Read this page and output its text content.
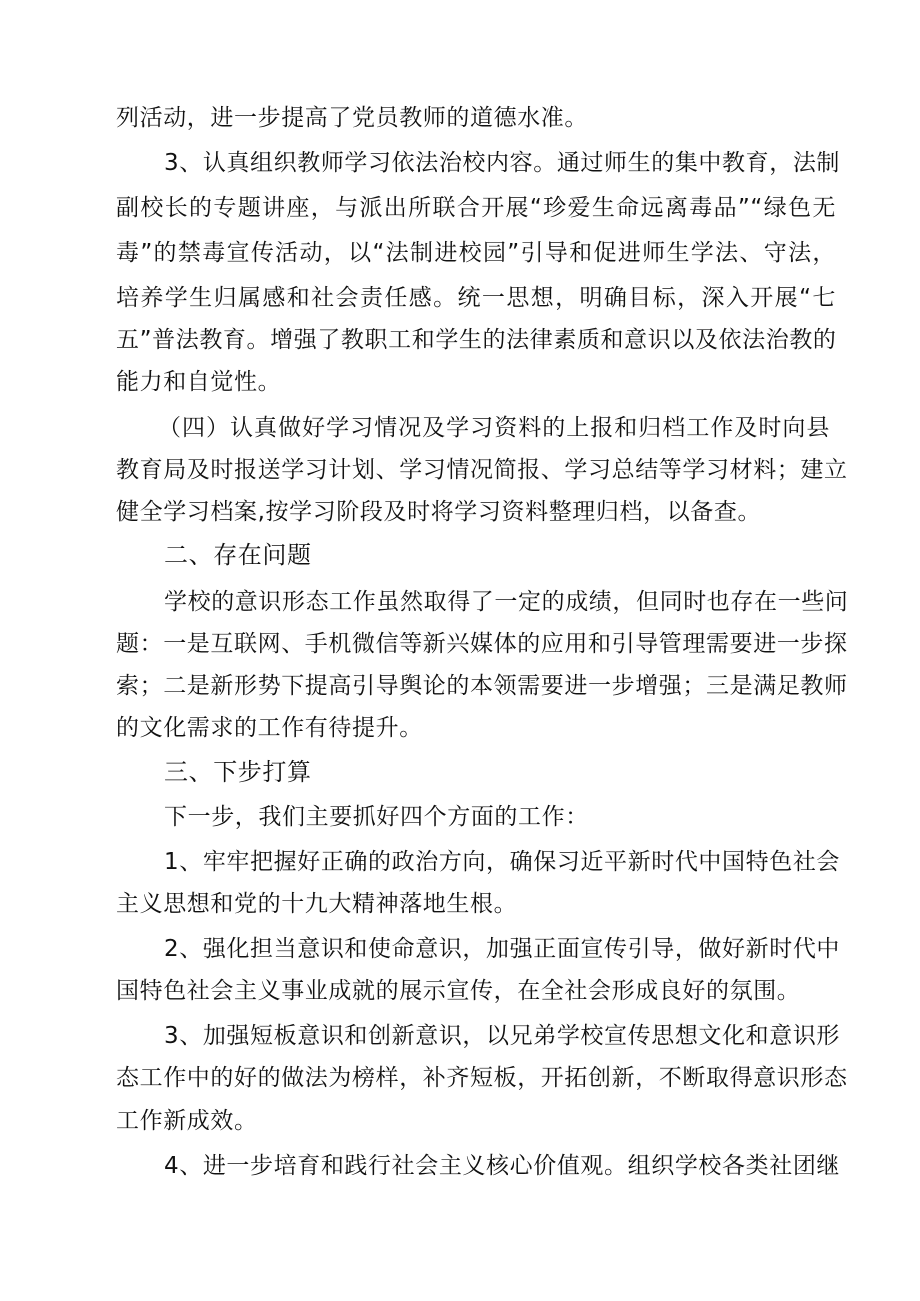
列活动，进一步提高了党员教师的道德水准。
3、认真组织教师学习依法治校内容。通过师生的集中教育，法制
副校长的专题讲座，与派出所联合开展“珍爱生命远离毒品”“绿色无
毒”的禁毒宣传活动，以“法制进校园”引导和促进师生学法、守法，
培养学生归属感和社会责任感。统一思想，明确目标，深入开展“七
五”普法教育。增强了教职工和学生的法律素质和意识以及依法治教的
能力和自觉性。
（四）认真做好学习情况及学习资料的上报和归档工作及时向县
教育局及时报送学习计划、学习情况简报、学习总结等学习材料；建立
健全学习档案,按学习阶段及时将学习资料整理归档，以备查。
二、存在问题
学校的意识形态工作虽然取得了一定的成绩，但同时也存在一些问
题：一是互联网、手机微信等新兴媒体的应用和引导管理需要进一步探
索；二是新形势下提高引导舆论的本领需要进一步增强；三是满足教师
的文化需求的工作有待提升。
三、下步打算
下一步，我们主要抓好四个方面的工作：
1、牢牢把握好正确的政治方向，确保习近平新时代中国特色社会
主义思想和党的十九大精神落地生根。
2、强化担当意识和使命意识，加强正面宣传引导，做好新时代中
国特色社会主义事业成就的展示宣传，在全社会形成良好的氛围。
3、加强短板意识和创新意识，以兄弟学校宣传思想文化和意识形
态工作中的好的做法为榜样，补齐短板，开拓创新，不断取得意识形态
工作新成效。
4、进一步培育和践行社会主义核心价值观。组织学校各类社团继
